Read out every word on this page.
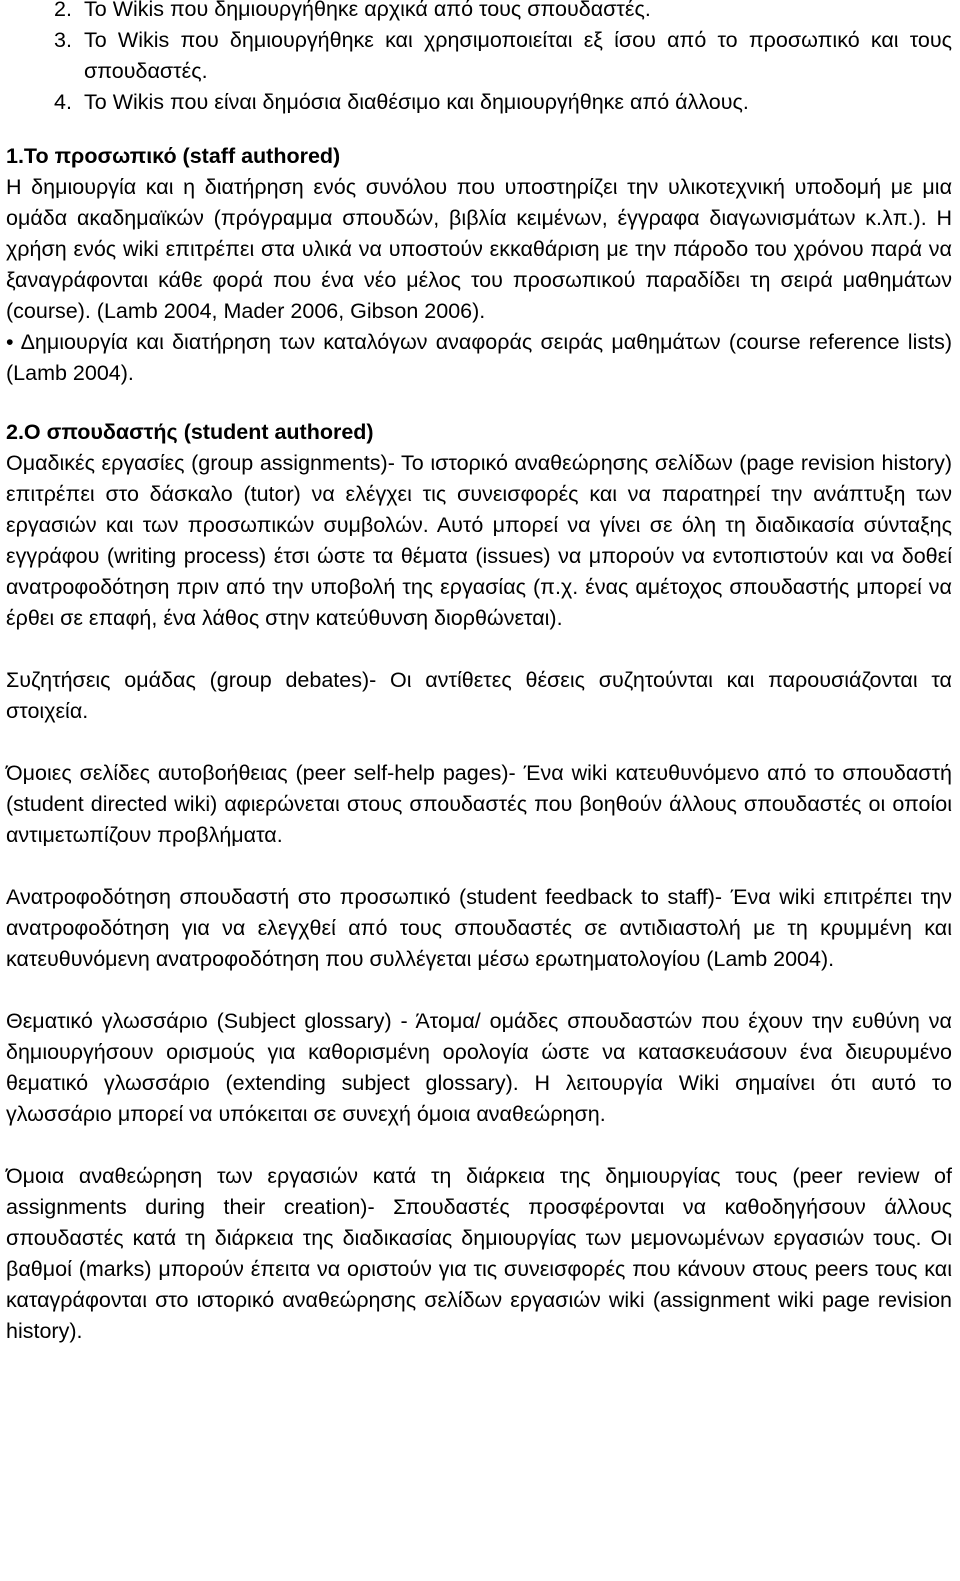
2. Το Wikis που δημιουργήθηκε αρχικά από τους σπουδαστές.
3. Το Wikis που δημιουργήθηκε και χρησιμοποιείται εξ ίσου από το προσωπικό και τους σπουδαστές.
4. Το Wikis που είναι δημόσια διαθέσιμο και δημιουργήθηκε από άλλους.

1.Το προσωπικό (staff authored)

Η δημιουργία και η διατήρηση ενός συνόλου που υποστηρίζει την υλικοτεχνική υποδομή με μια ομάδα ακαδημαϊκών (πρόγραμμα σπουδών, βιβλία κειμένων, έγγραφα διαγωνισμάτων κ.λπ.). Η χρήση ενός wiki επιτρέπει στα υλικά να υποστούν εκκαθάριση με την πάροδο του χρόνου παρά να ξαναγράφονται κάθε φορά που ένα νέο μέλος του προσωπικού παραδίδει τη σειρά μαθημάτων (course). (Lamb 2004, Mader 2006, Gibson 2006).

• Δημιουργία και διατήρηση των καταλόγων αναφοράς σειράς μαθημάτων (course reference lists) (Lamb 2004).

2.Ο σπουδαστής (student authored)

Ομαδικές εργασίες (group assignments)- Το ιστορικό αναθεώρησης σελίδων (page revision history) επιτρέπει στο δάσκαλο (tutor) να ελέγχει τις συνεισφορές και να παρατηρεί την ανάπτυξη των εργασιών και των προσωπικών συμβολών. Αυτό μπορεί να γίνει σε όλη τη διαδικασία σύνταξης εγγράφου (writing process) έτσι ώστε τα θέματα (issues) να μπορούν να εντοπιστούν και να δοθεί ανατροφοδότηση πριν από την υποβολή της εργασίας (π.χ. ένας αμέτοχος σπουδαστής μπορεί να έρθει σε επαφή, ένα λάθος στην κατεύθυνση διορθώνεται).

Συζητήσεις ομάδας (group debates)- Οι αντίθετες θέσεις συζητούνται και παρουσιάζονται τα στοιχεία.

Όμοιες σελίδες αυτοβοήθειας (peer self-help pages)- Ένα wiki κατευθυνόμενο από το σπουδαστή (student directed wiki) αφιερώνεται στους σπουδαστές που βοηθούν άλλους σπουδαστές οι οποίοι αντιμετωπίζουν προβλήματα.

Ανατροφοδότηση σπουδαστή στο προσωπικό (student feedback to staff)- Ένα wiki επιτρέπει την ανατροφοδότηση για να ελεγχθεί από τους σπουδαστές σε αντιδιαστολή με τη κρυμμένη και κατευθυνόμενη ανατροφοδότηση που συλλέγεται μέσω ερωτηματολογίου (Lamb 2004).

Θεματικό γλωσσάριο (Subject glossary) - Άτομα/ ομάδες σπουδαστών που έχουν την ευθύνη να δημιουργήσουν ορισμούς για καθορισμένη ορολογία ώστε να κατασκευάσουν ένα διευρυμένο θεματικό γλωσσάριο (extending subject glossary). Η λειτουργία Wiki σημαίνει ότι αυτό το γλωσσάριο μπορεί να υπόκειται σε συνεχή όμοια αναθεώρηση.

Όμοια αναθεώρηση των εργασιών κατά τη διάρκεια της δημιουργίας τους (peer review of assignments during their creation)- Σπουδαστές προσφέρονται να καθοδηγήσουν άλλους σπουδαστές κατά τη διάρκεια της διαδικασίας δημιουργίας των μεμονωμένων εργασιών τους. Οι βαθμοί (marks) μπορούν έπειτα να οριστούν για τις συνεισφορές που κάνουν στους peers τους και καταγράφονται στο ιστορικό αναθεώρησης σελίδων εργασιών wiki (assignment wiki page revision history).
